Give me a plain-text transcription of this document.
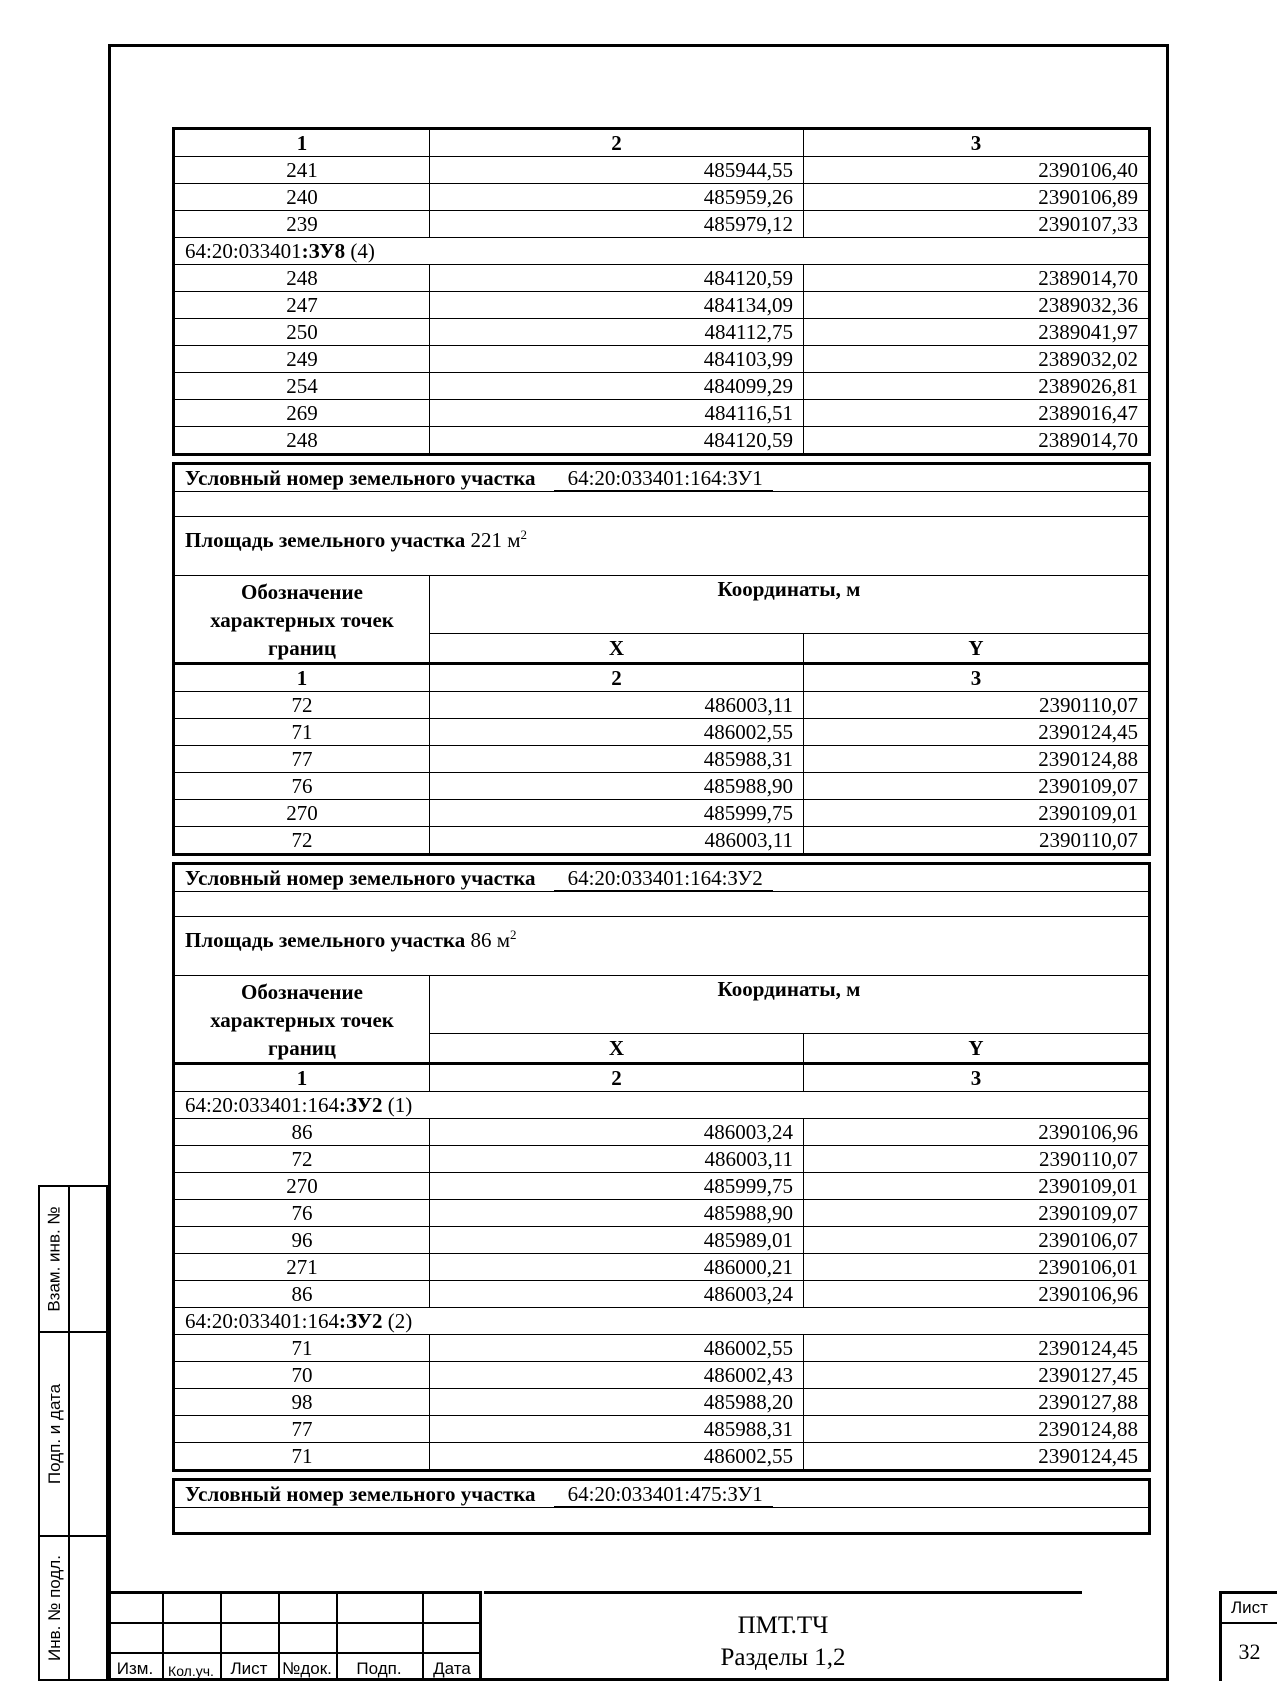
Взам. инв. №
Подп. и дата
Инв. № подл.
1	2	3
241	485944,55	2390106,40
240	485959,26	2390106,89
239	485979,12	2390107,33
64:20:033401:ЗУ8 (4)		
248	484120,59	2389014,70
247	484134,09	2389032,36
250	484112,75	2389041,97
249	484103,99	2389032,02
254	484099,29	2389026,81
269	484116,51	2389016,47
248	484120,59	2389014,70
Условный номер земельного участка 64:20:033401:164:ЗУ1		

Площадь земельного участка 221 $м^2$
Обозначение характерных точек границ	Координаты, м	
	X	Y
1	2	3
72	486003,11	2390110,07
71	486002,55	2390124,45
77	485988,31	2390124,88
76	485988,90	2390109,07
270	485999,75	2390109,01
72	486003,11	2390110,07
Условный номер земельного участка 64:20:033401:164:ЗУ2		

Площадь земельного участка 86 $м^2$
Обозначение характерных точек границ	Координаты, м	
	X	Y
1	2	3
64:20:033401:164:ЗУ2 (1)		
86	486003,24	2390106,96
72	486003,11	2390110,07
270	485999,75	2390109,01
76	485988,90	2390109,07
96	485989,01	2390106,07
271	486000,21	2390106,01
86	486003,24	2390106,96
64:20:033401:164:ЗУ2 (2)		
71	486002,55	2390124,45
70	486002,43	2390127,45
98	485988,20	2390127,88
77	485988,31	2390124,88
71	486002,55	2390124,45
Условный номер земельного участка 64:20:033401:475:ЗУ1

Изм.	Кол.уч. Лист №док.	Подп.	Дата
ПМТ.ТЧ
Разделы 1,2
Лист
32
